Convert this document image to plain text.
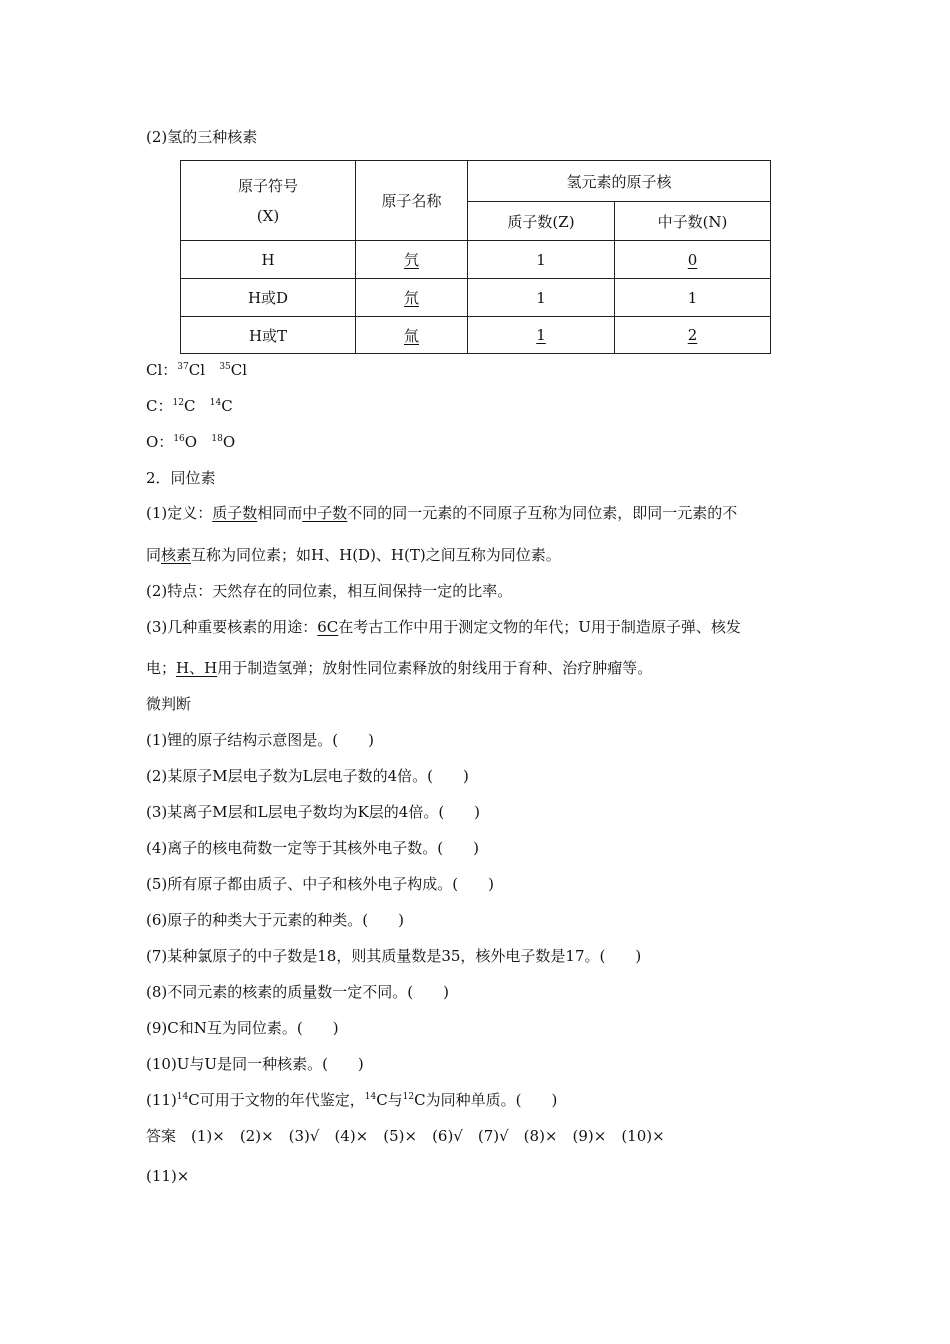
(2)氢的三种核素
原子符号
(X)	原子名称	氢元素的原子核	
		质子数(Z)	中子数(N)
H	氕	1	0
H或D	氘	1	1
H或T	氚	1	2
Cl：$^{37}$Cl $^{35}$Cl
C：$^{12}$C $^{14}$C
O：$^{16}$O $^{18}$O
2．同位素
(1)定义：质子数相同而中子数不同的同一元素的不同原子互称为同位素，即同一元素的不
同核素互称为同位素；如H、H(D)、H(T)之间互称为同位素。
(2)特点：天然存在的同位素，相互间保持一定的比率。
(3)几种重要核素的用途：6C在考古工作中用于测定文物的年代；U用于制造原子弹、核发
电；H、H用于制造氢弹；放射性同位素释放的射线用于育种、治疗肿瘤等。
微判断
(1)锂的原子结构示意图是。(　　)
(2)某原子M层电子数为L层电子数的4倍。(　　)
(3)某离子M层和L层电子数均为K层的4倍。(　　)
(4)离子的核电荷数一定等于其核外电子数。(　　)
(5)所有原子都由质子、中子和核外电子构成。(　　)
(6)原子的种类大于元素的种类。(　　)
(7)某种氯原子的中子数是18，则其质量数是35，核外电子数是17。(　　)
(8)不同元素的核素的质量数一定不同。(　　)
(9)C和N互为同位素。(　　)
(10)U与U是同一种核素。(　　)
$(11)^{14}C$可用于文物的年代鉴定，$^{14}$C与$^{12}$C为同种单质。(　　)
答案　(1)×　(2)×　(3)√　(4)×　(5)×　(6)√　(7)√　(8)×　(9)×　(10)×
(11)×
